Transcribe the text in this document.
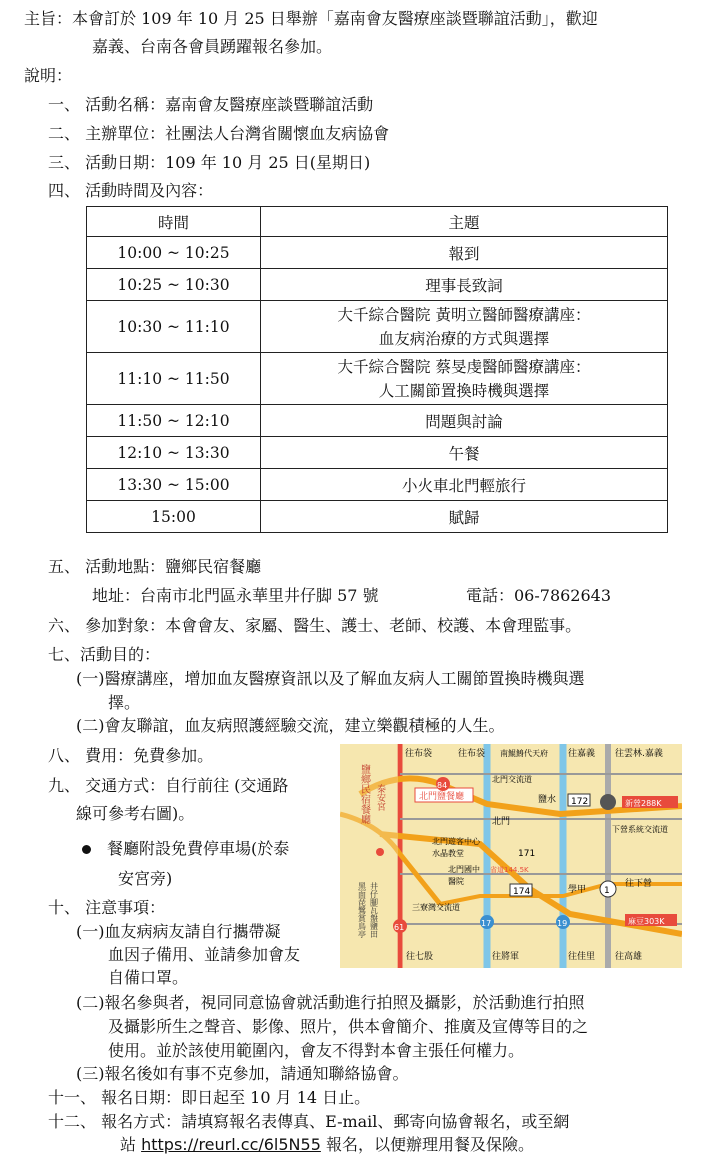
主旨：本會訂於 109 年 10 月 25 日舉辦「嘉南會友醫療座談暨聯誼活動」，歡迎
嘉義、台南各會員踴躍報名參加。
說明：
一、 活動名稱：嘉南會友醫療座談暨聯誼活動
二、 主辦單位：社團法人台灣省關懷血友病協會
三、 活動日期：109 年 10 月 25 日(星期日)
四、 活動時間及內容：
時間	主題
10:00 ~ 10:25	報到
10:25 ~ 10:30	理事長致詞
10:30 ~ 11:10	大千綜合醫院 黃明立醫師醫療講座：
血友病治療的方式與選擇

11:10 ~ 11:50	大千綜合醫院 蔡旻虔醫師醫療講座：
人工關節置換時機與選擇

11:50 ~ 12:10	問題與討論
12:10 ~ 13:30	午餐
13:30 ~ 15:00	小火車北門輕旅行
15:00	賦歸
五、 活動地點：鹽鄉民宿餐廳
地址：台南市北門區永華里井仔脚 57 號	電話：06-7862643
六、 參加對象：本會會友、家屬、醫生、護士、老師、校護、本會理監事。
七、活動目的：
(一)醫療講座，增加血友醫療資訊以及了解血友病人工關節置換時機與選
擇。
(二)會友聯誼，血友病照護經驗交流，建立樂觀積極的人生。
八、 費用：免費參加。
九、 交通方式：自行前往 (交通路
線可參考右圖)。
餐廳附設免費停車場(於泰
安宮旁)
十、 注意事項：
(一)血友病病友請自行攜帶凝
血因子備用、並請參加會友
自備口罩。
(二)報名參與者，視同同意協會就活動進行拍照及攝影，於活動進行拍照
及攝影所生之聲音、影像、照片，供本會簡介、推廣及宣傳等目的之
使用。並於該使用範圍內，會友不得對本會主張任何權力。
(三)報名後如有事不克參加，請通知聯絡協會。
十一、 報名日期：即日起至 10 月 14 日止。
十二、 報名方式：請填寫報名表傳真、E-mail、郵寄向協會報名，或至網
站 https://reurl.cc/6l5N55 報名，以便辦理用餐及保險。
鹽鄉民宿餐廳 泰安宮
黑面琵鷺賞鳥亭 井仔腳瓦盤鹽田
北門鹽餐廳
往布袋	往布袋 南鯤鯓代天府 往嘉義 往雲林.嘉義
北門交流道
鹽水 172	新營288K
北門
下營系統交流道
北門遊客中心
水晶教堂
北門國中
醫院
171
省道144.5K
174	學甲 1
往下營
三寮灣交流道
麻豆303K
84
61	17	19
往七股	往將軍	往佳里 往高雄
